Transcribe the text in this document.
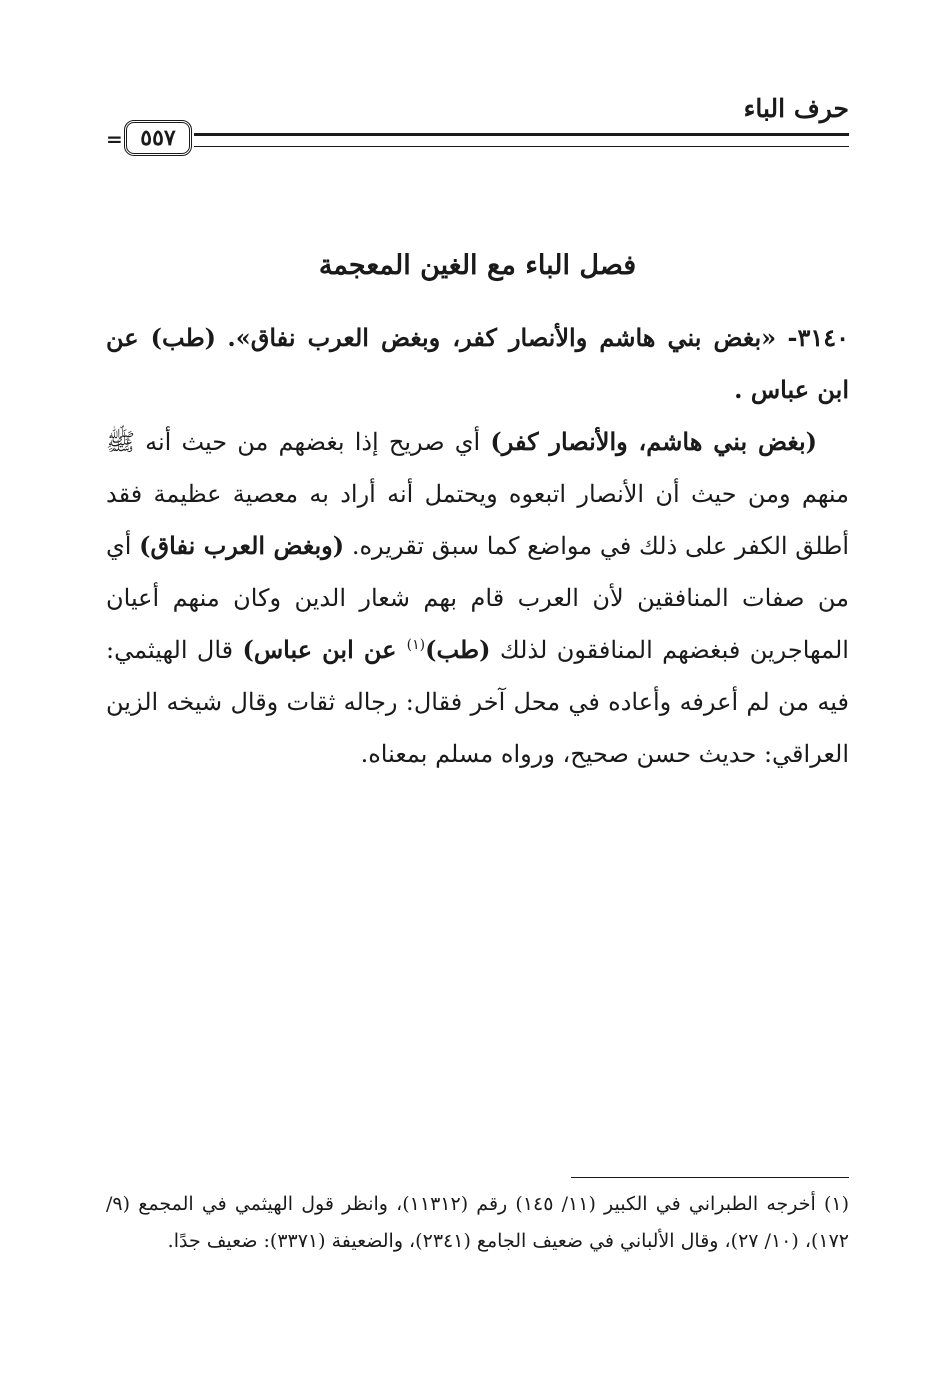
حرف الباء
٥٥٧
=
فصل الباء مع الغين المعجمة

٣١٤٠- «بغض بني هاشم والأنصار كفر، وبغض العرب نفاق». (طب) عن ابن عباس .

(بغض بني هاشم، والأنصار كفر) أي صريح إذا بغضهم من حيث أنه ﷺ منهم ومن حيث أن الأنصار اتبعوه ويحتمل أنه أراد به معصية عظيمة فقد أطلق الكفر على ذلك في مواضع كما سبق تقريره. (وبغض العرب نفاق) أي من صفات المنافقين لأن العرب قام بهم شعار الدين وكان منهم أعيان المهاجرين فبغضهم المنافقون لذلك (طب)$^{(١)}$ عن ابن عباس) قال الهيثمي: فيه من لم أعرفه وأعاده في محل آخر فقال: رجاله ثقات وقال شيخه الزين العراقي: حديث حسن صحيح، ورواه مسلم بمعناه.

(١) أخرجه الطبراني في الكبير (١١/ ١٤٥) رقم (١١٣١٢)، وانظر قول الهيثمي في المجمع (٩/ ١٧٢)، (١٠/ ٢٧)، وقال الألباني في ضعيف الجامع (٢٣٤١)، والضعيفة (٣٣٧١): ضعيف جدًا.
